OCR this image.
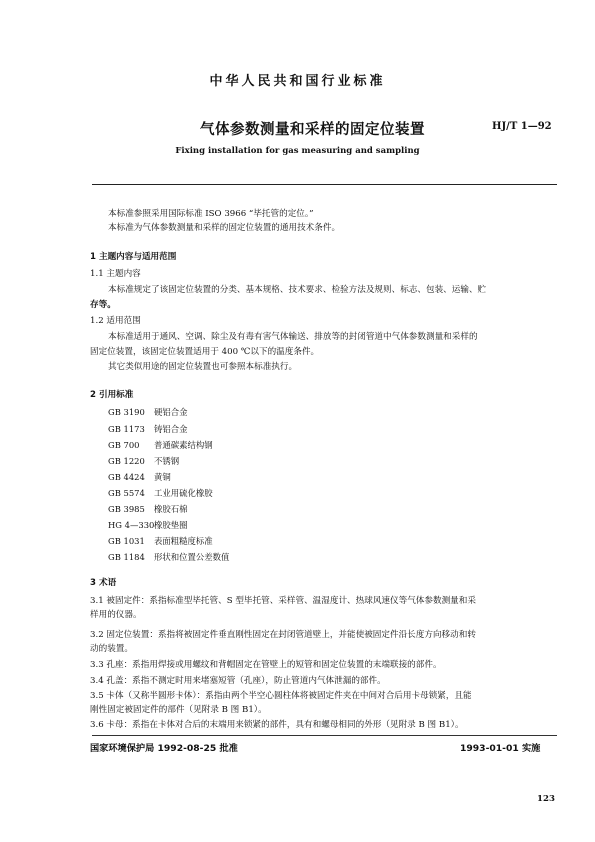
中华人民共和国行业标准
气体参数测量和采样的固定位装置	HJ/T 1—92
Fixing installation for gas measuring and sampling
本标准参照采用国际标准 ISO 3966 “毕托管的定位。”
本标准为气体参数测量和采样的固定位装置的通用技术条件。
1 主题内容与适用范围
1.1 主题内容
本标准规定了该固定位装置的分类、基本规格、技术要求、检验方法及规则、标志、包装、运输、贮
存等。
1.2 适用范围
本标准适用于通风、空调、除尘及有毒有害气体输送、排放等的封闭管道中气体参数测量和采样的
固定位装置，该固定位装置适用于 400 ℃以下的温度条件。
其它类似用途的固定位装置也可参照本标准执行。
2 引用标准
GB 3190 硬铝合金
GB 1173 铸铝合金
GB 700 普通碳素结构钢
GB 1220 不锈钢
GB 4424 黄铜
GB 5574 工业用硫化橡胶
GB 3985 橡胶石棉
HG 4—330橡胶垫圈
GB 1031 表面粗糙度标准
GB 1184 形状和位置公差数值
3 术语
3.1 被固定件：系指标准型毕托管、S 型毕托管、采样管、温湿度计、热球风速仪等气体参数测量和采
样用的仪器。
3.2 固定位装置：系指将被固定件垂直刚性固定在封闭管道壁上，并能使被固定件沿长度方向移动和转
动的装置。
3.3 孔座：系指用焊接或用螺纹和背帽固定在管壁上的短管和固定位装置的末端联接的部件。
3.4 孔盖：系指不测定时用来堵塞短管（孔座），防止管道内气体泄漏的部件。
3.5 卡体（又称半圆形卡体）：系指由两个半空心圆柱体将被固定件夹在中间对合后用卡母锁紧，且能
刚性固定被固定件的部件（见附录 B 图 B1）。
3.6 卡母：系指在卡体对合后的末端用来锁紧的部件，具有和螺母相同的外形（见附录 B 图 B1）。
国家环境保护局 1992-08-25 批准	1993-01-01 实施
123
